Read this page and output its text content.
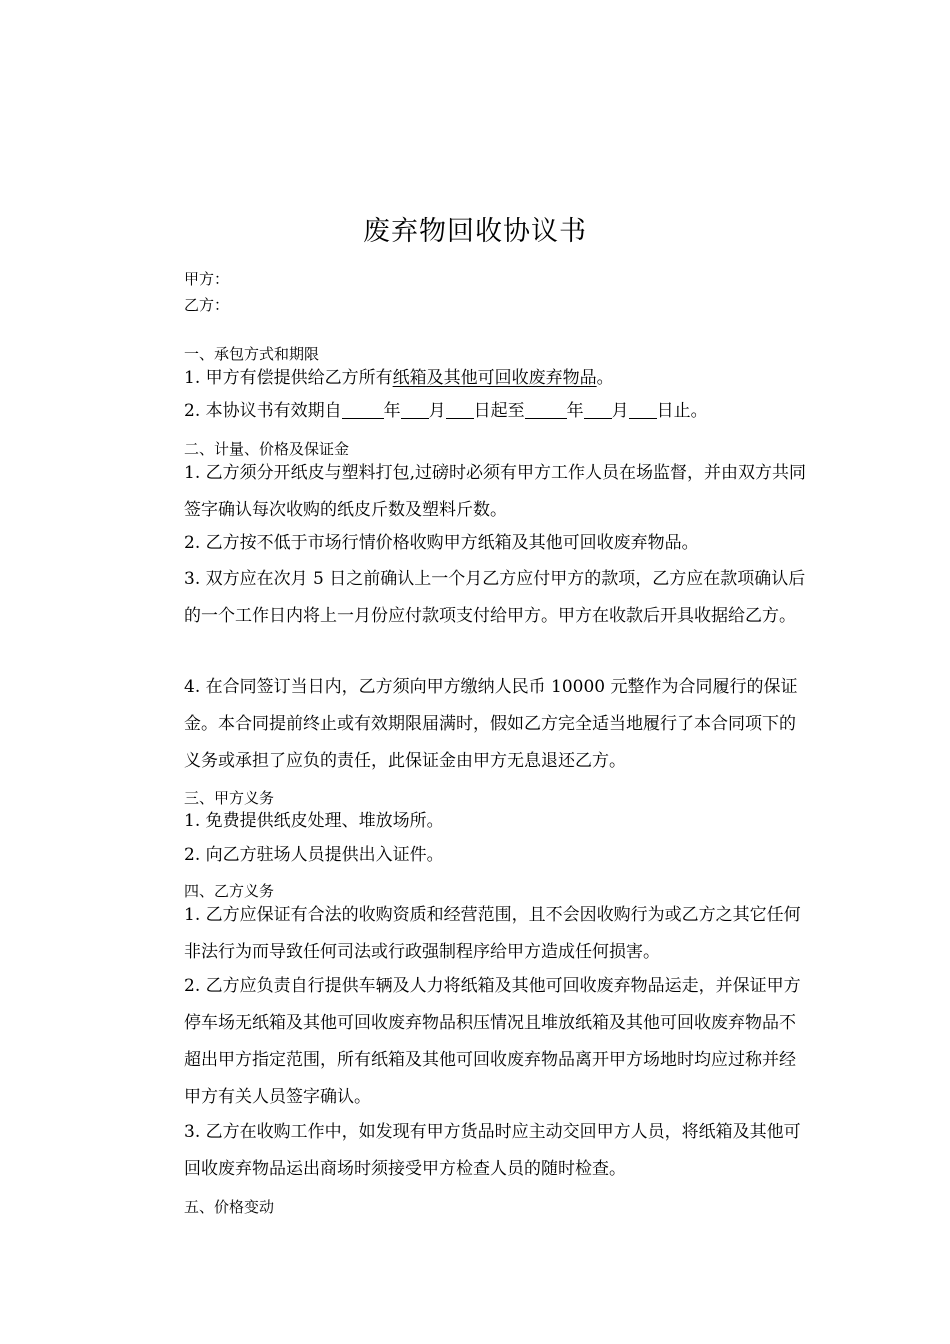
废弃物回收协议书
甲方：
乙方：
一、承包方式和期限
1. 甲方有偿提供给乙方所有纸箱及其他可回收废弃物品。
2. 本协议书有效期自 年 月 日起至 年 月 日止。
二、计量、价格及保证金
1. 乙方须分开纸皮与塑料打包,过磅时必须有甲方工作人员在场监督，并由双方共同签字确认每次收购的纸皮斤数及塑料斤数。
2. 乙方按不低于市场行情价格收购甲方纸箱及其他可回收废弃物品。
3. 双方应在次月 5 日之前确认上一个月乙方应付甲方的款项，乙方应在款项确认后的一个工作日内将上一月份应付款项支付给甲方。甲方在收款后开具收据给乙方。
4. 在合同签订当日内，乙方须向甲方缴纳人民币 10000 元整作为合同履行的保证金。本合同提前终止或有效期限届满时，假如乙方完全适当地履行了本合同项下的义务或承担了应负的责任，此保证金由甲方无息退还乙方。
三、甲方义务
1. 免费提供纸皮处理、堆放场所。
2. 向乙方驻场人员提供出入证件。
四、乙方义务
1. 乙方应保证有合法的收购资质和经营范围，且不会因收购行为或乙方之其它任何非法行为而导致任何司法或行政强制程序给甲方造成任何损害。
2. 乙方应负责自行提供车辆及人力将纸箱及其他可回收废弃物品运走，并保证甲方停车场无纸箱及其他可回收废弃物品积压情况且堆放纸箱及其他可回收废弃物品不超出甲方指定范围，所有纸箱及其他可回收废弃物品离开甲方场地时均应过称并经甲方有关人员签字确认。
3. 乙方在收购工作中，如发现有甲方货品时应主动交回甲方人员，将纸箱及其他可回收废弃物品运出商场时须接受甲方检查人员的随时检查。
五、价格变动
